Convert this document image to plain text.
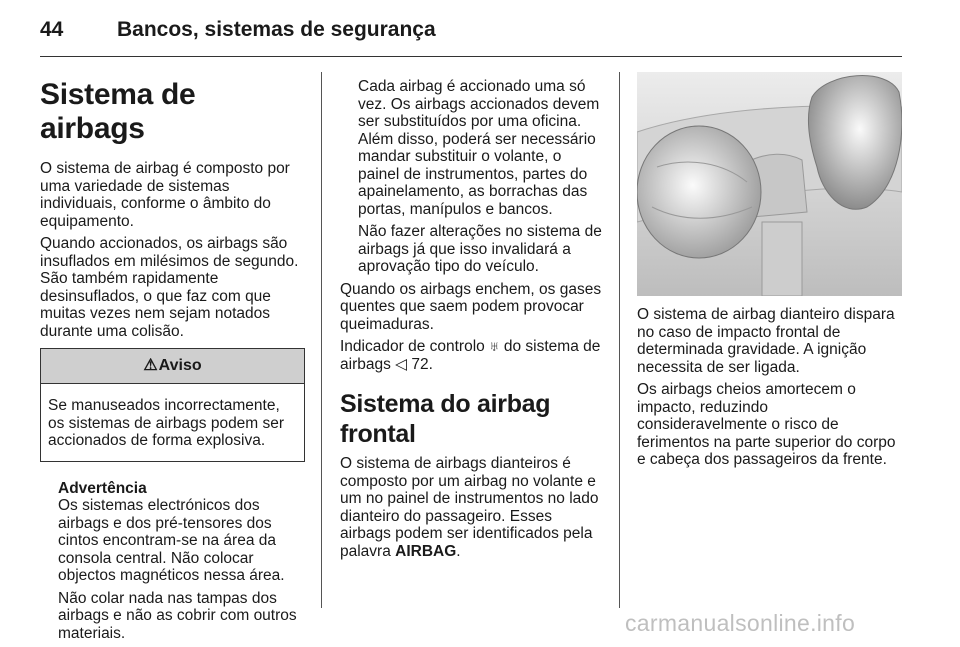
44	Bancos, sistemas de segurança
Sistema de airbags

O sistema de airbag é composto por uma variedade de sistemas individuais, conforme o âmbito do equipamento.

Quando accionados, os airbags são insuflados em milésimos de segundo. São também rapidamente desinsuflados, o que faz com que muitas vezes nem sejam notados durante uma colisão.

⚠Aviso
Se manuseados incorrectamente, os sistemas de airbags podem ser accionados de forma explosiva.

Advertência

Os sistemas electrónicos dos airbags e dos pré-tensores dos cintos encontram-se na área da consola central. Não colocar objectos magnéticos nessa área.

Não colar nada nas tampas dos airbags e não as cobrir com outros materiais.

Cada airbag é accionado uma só vez. Os airbags accionados devem ser substituídos por uma oficina. Além disso, poderá ser necessário mandar substituir o volante, o painel de instrumentos, partes do apainelamento, as borrachas das portas, manípulos e bancos.

Não fazer alterações no sistema de airbags já que isso invalidará a aprovação tipo do veículo.

Quando os airbags enchem, os gases quentes que saem podem provocar queimaduras.

Indicador de controlo ♅ do sistema de airbags ◁ 72.

Sistema do airbag frontal

O sistema de airbags dianteiros é composto por um airbag no volante e um no painel de instrumentos no lado dianteiro do passageiro. Esses airbags podem ser identificados pela palavra AIRBAG.

O sistema de airbag dianteiro dispara no caso de impacto frontal de determinada gravidade. A ignição necessita de ser ligada.

Os airbags cheios amortecem o impacto, reduzindo consideravelmente o risco de ferimentos na parte superior do corpo e cabeça dos passageiros da frente.

carmanualsonline.info
